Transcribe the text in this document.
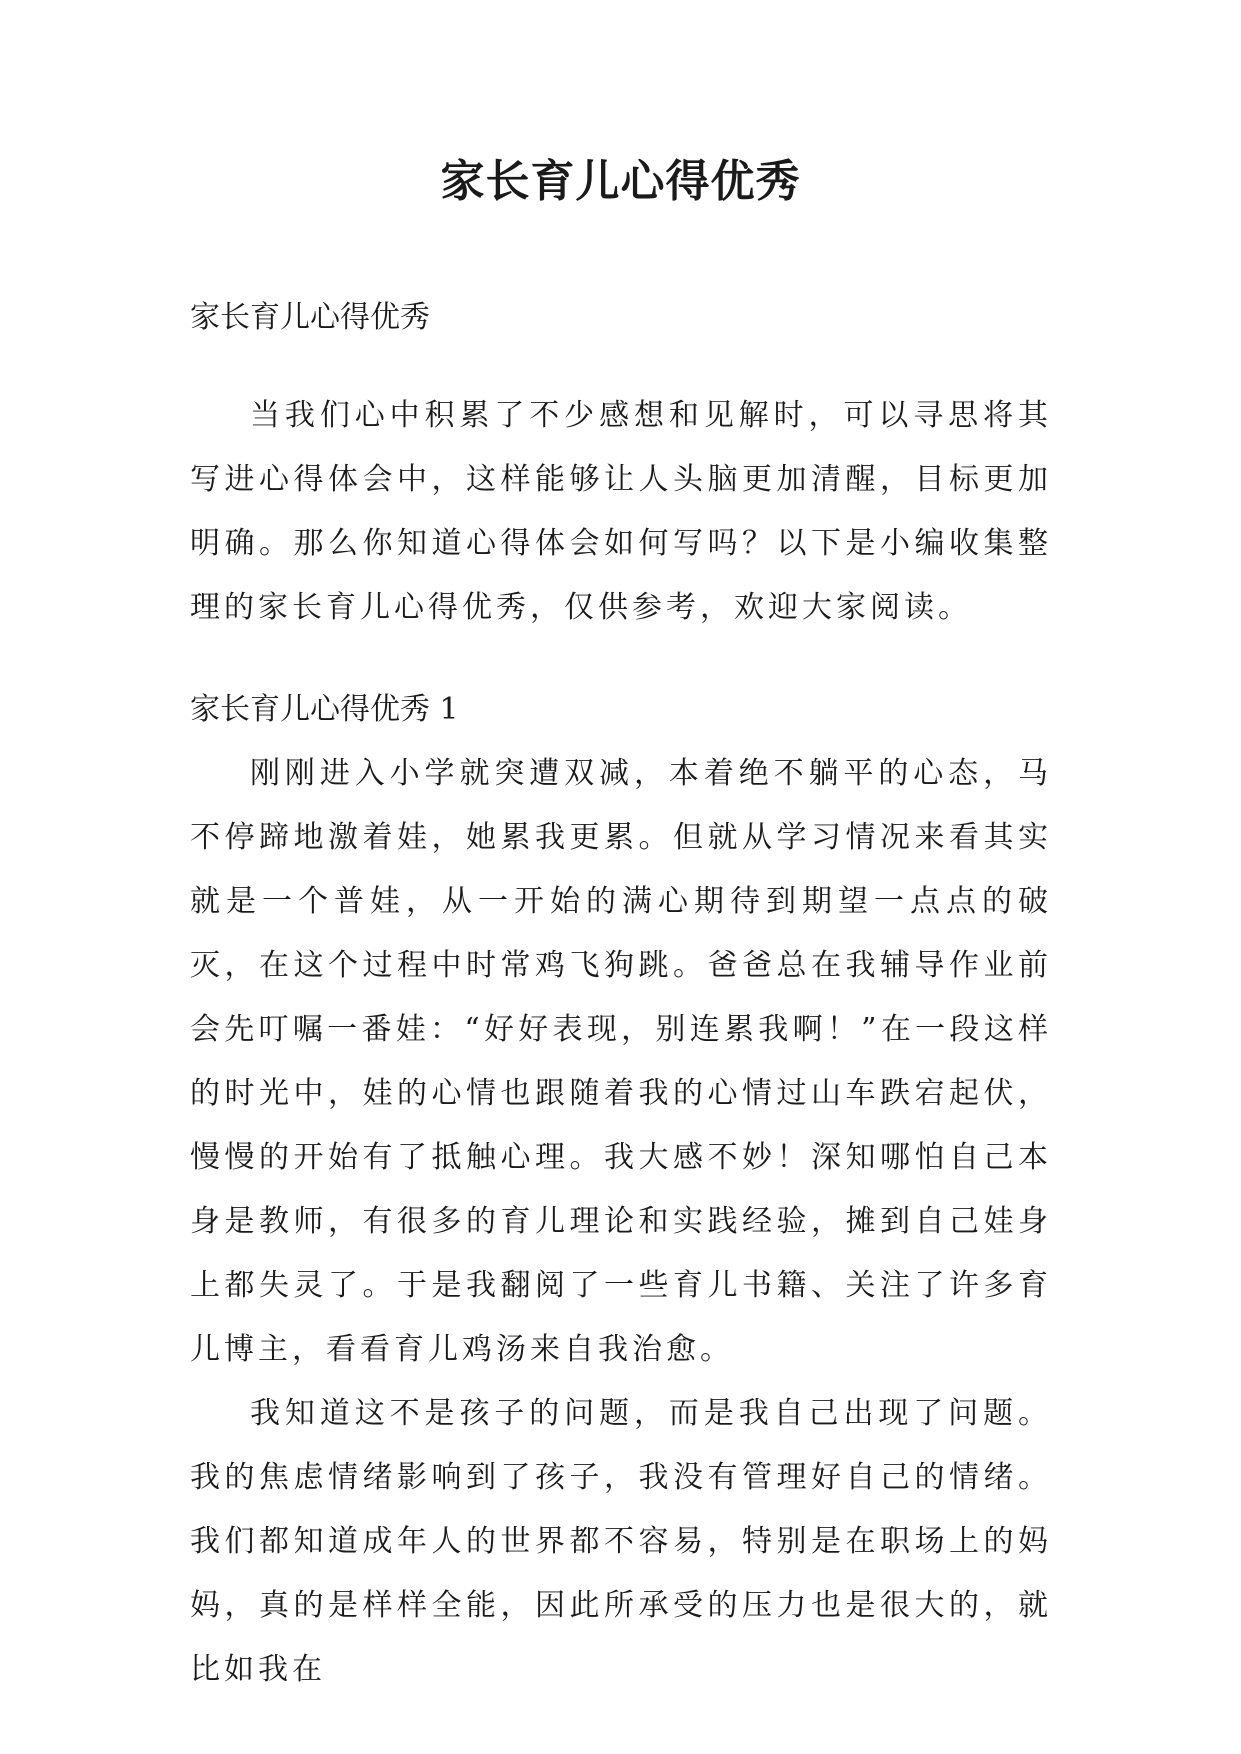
家长育儿心得优秀

家长育儿心得优秀

当我们心中积累了不少感想和见解时，可以寻思将其写进心得体会中，这样能够让人头脑更加清醒，目标更加明确。那么你知道心得体会如何写吗？以下是小编收集整理的家长育儿心得优秀，仅供参考，欢迎大家阅读。

家长育儿心得优秀 1

刚刚进入小学就突遭双减，本着绝不躺平的心态，马不停蹄地激着娃，她累我更累。但就从学习情况来看其实就是一个普娃，从一开始的满心期待到期望一点点的破灭，在这个过程中时常鸡飞狗跳。爸爸总在我辅导作业前会先叮嘱一番娃：“好好表现，别连累我啊！”在一段这样的时光中，娃的心情也跟随着我的心情过山车跌宕起伏，慢慢的开始有了抵触心理。我大感不妙！深知哪怕自己本身是教师，有很多的育儿理论和实践经验，摊到自己娃身上都失灵了。于是我翻阅了一些育儿书籍、关注了许多育儿博主，看看育儿鸡汤来自我治愈。

我知道这不是孩子的问题，而是我自己出现了问题。我的焦虑情绪影响到了孩子，我没有管理好自己的情绪。我们都知道成年人的世界都不容易，特别是在职场上的妈妈，真的是样样全能，因此所承受的压力也是很大的，就比如我在
